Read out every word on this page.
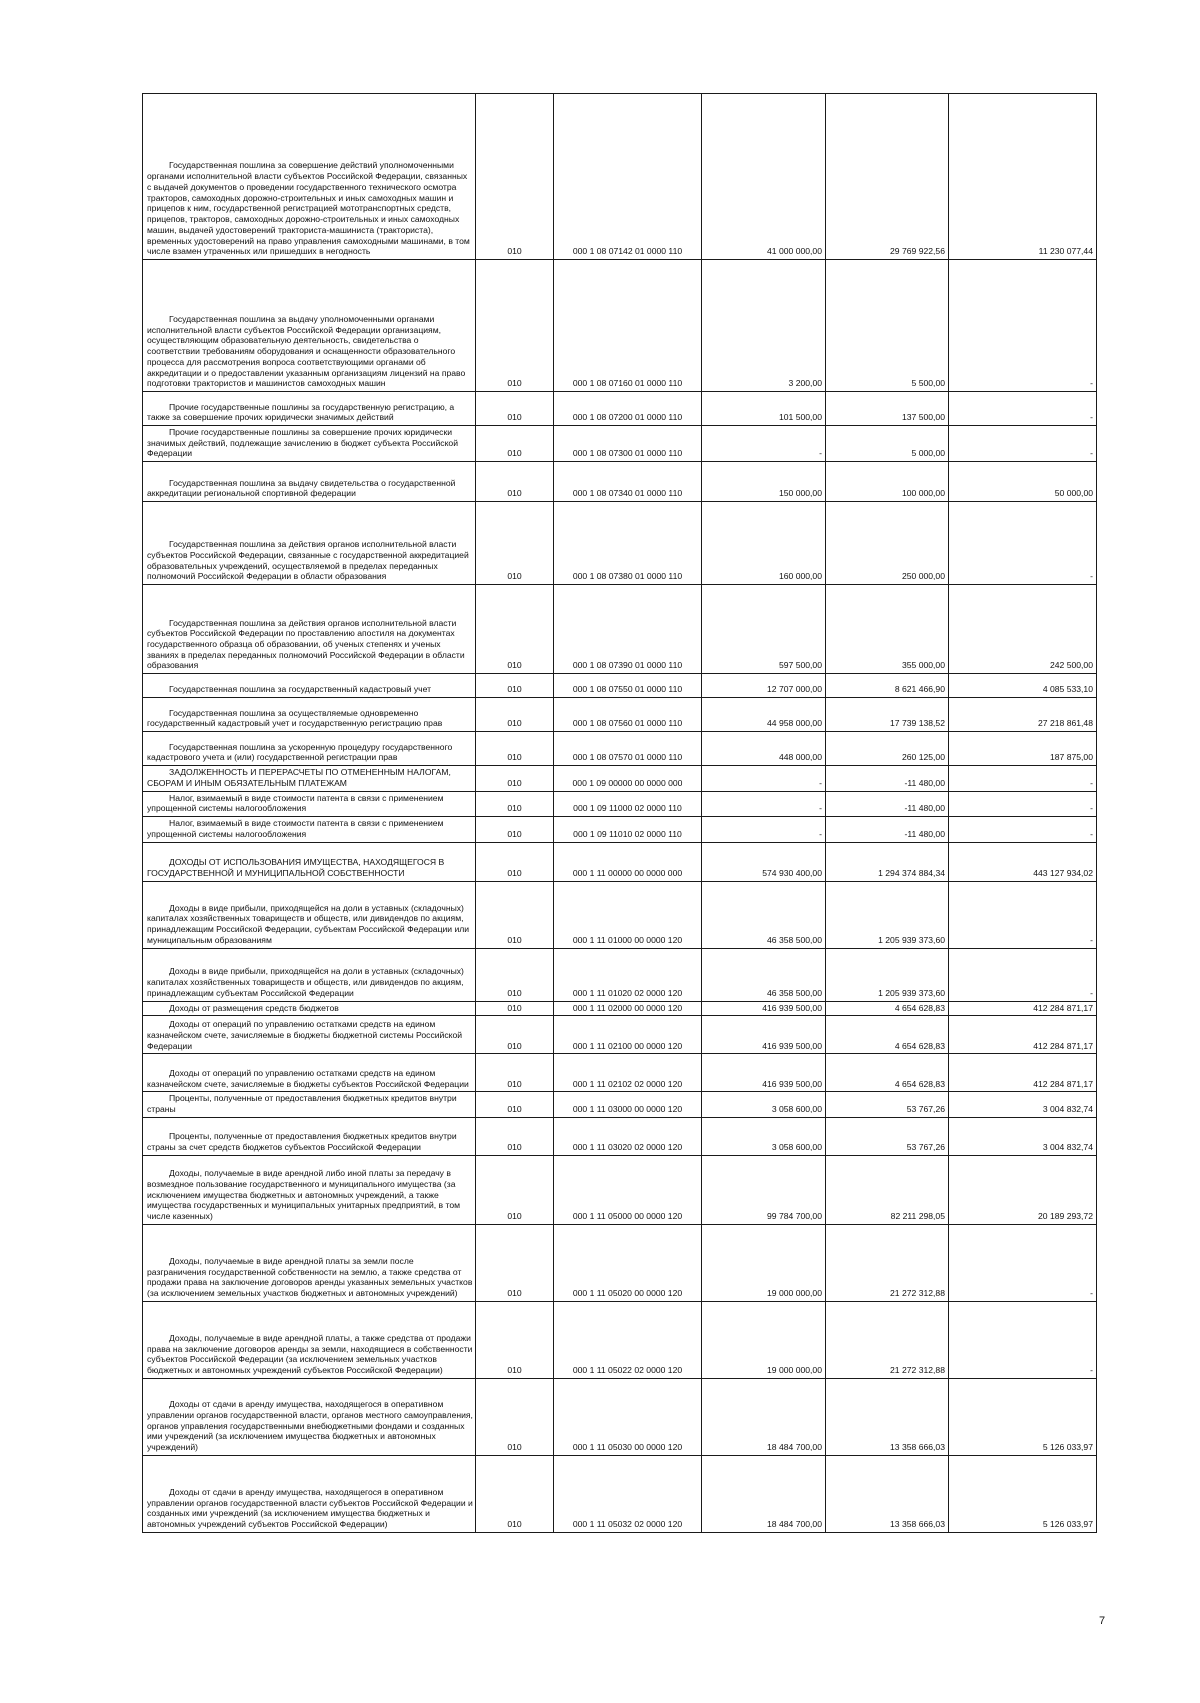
Государственная пошлина за совершение действий уполномоченными органами исполнительной власти субъектов Российской Федерации, связанных с выдачей документов о проведении государственного технического осмотра тракторов, самоходных дорожно-строительных и иных самоходных машин и прицепов к ним, государственной регистрацией мототранспортных средств, прицепов, тракторов, самоходных дорожно-строительных и иных самоходных машин, выдачей удостоверений тракториста-машиниста (тракториста), временных удостоверений на право управления самоходными машинами, в том числе взамен утраченных или пришедших в негодность	010	000 1 08 07142 01 0000 110	41 000 000,00	29 769 922,56	11 230 077,44

Государственная пошлина за выдачу уполномоченными органами исполнительной власти субъектов Российской Федерации организациям, осуществляющим образовательную деятельность, свидетельства о соответствии требованиям оборудования и оснащенности образовательного процесса для рассмотрения вопроса соответствующими органами об аккредитации и о предоставлении указанным организациям лицензий на право подготовки трактористов и машинистов самоходных машин	010	000 1 08 07160 01 0000 110	3 200,00	5 500,00	-

Прочие государственные пошлины за государственную регистрацию, а также за совершение прочих юридически значимых действий	010	000 1 08 07200 01 0000 110	101 500,00	137 500,00	-

Прочие государственные пошлины за совершение прочих юридически значимых действий, подлежащие зачислению в бюджет субъекта Российской Федерации	010	000 1 08 07300 01 0000 110	-	5 000,00	-

Государственная пошлина за выдачу свидетельства о государственной аккредитации региональной спортивной федерации	010	000 1 08 07340 01 0000 110	150 000,00	100 000,00	50 000,00

Государственная пошлина за действия органов исполнительной власти субъектов Российской Федерации, связанные с государственной аккредитацией образовательных учреждений, осуществляемой в пределах переданных полномочий Российской Федерации в области образования	010	000 1 08 07380 01 0000 110	160 000,00	250 000,00	-

Государственная пошлина за действия органов исполнительной власти субъектов Российской Федерации по проставлению апостиля на документах государственного образца об образовании, об ученых степенях и ученых званиях в пределах переданных полномочий Российской Федерации в области образования	010	000 1 08 07390 01 0000 110	597 500,00	355 000,00	242 500,00

Государственная пошлина за государственный кадастровый учет	010	000 1 08 07550 01 0000 110	12 707 000,00	8 621 466,90	4 085 533,10

Государственная пошлина за осуществляемые одновременно государственный кадастровый учет и государственную регистрацию прав	010	000 1 08 07560 01 0000 110	44 958 000,00	17 739 138,52	27 218 861,48

Государственная пошлина за ускоренную процедуру государственного кадастрового учета и (или) государственной регистрации прав	010	000 1 08 07570 01 0000 110	448 000,00	260 125,00	187 875,00

ЗАДОЛЖЕННОСТЬ И ПЕРЕРАСЧЕТЫ ПО ОТМЕНЕННЫМ НАЛОГАМ, СБОРАМ И ИНЫМ ОБЯЗАТЕЛЬНЫМ ПЛАТЕЖАМ	010	000 1 09 00000 00 0000 000	-	-11 480,00	-

Налог, взимаемый в виде стоимости патента в связи с применением упрощенной системы налогообложения	010	000 1 09 11000 02 0000 110	-	-11 480,00	-

Налог, взимаемый в виде стоимости патента в связи с применением упрощенной системы налогообложения	010	000 1 09 11010 02 0000 110	-	-11 480,00	-

ДОХОДЫ ОТ ИСПОЛЬЗОВАНИЯ ИМУЩЕСТВА, НАХОДЯЩЕГОСЯ В ГОСУДАРСТВЕННОЙ И МУНИЦИПАЛЬНОЙ СОБСТВЕННОСТИ	010	000 1 11 00000 00 0000 000	574 930 400,00	1 294 374 884,34	443 127 934,02

Доходы в виде прибыли, приходящейся на доли в уставных (складочных) капиталах хозяйственных товариществ и обществ, или дивидендов по акциям, принадлежащим Российской Федерации, субъектам Российской Федерации или муниципальным образованиям	010	000 1 11 01000 00 0000 120	46 358 500,00	1 205 939 373,60	-

Доходы в виде прибыли, приходящейся на доли в уставных (складочных) капиталах хозяйственных товариществ и обществ, или дивидендов по акциям, принадлежащим субъектам Российской Федерации	010	000 1 11 01020 02 0000 120	46 358 500,00	1 205 939 373,60	-

Доходы от размещения средств бюджетов	010	000 1 11 02000 00 0000 120	416 939 500,00	4 654 628,83	412 284 871,17

Доходы от операций по управлению остатками средств на едином казначейском счете, зачисляемые в бюджеты бюджетной системы Российской Федерации	010	000 1 11 02100 00 0000 120	416 939 500,00	4 654 628,83	412 284 871,17

Доходы от операций по управлению остатками средств на едином казначейском счете, зачисляемые в бюджеты субъектов Российской Федерации	010	000 1 11 02102 02 0000 120	416 939 500,00	4 654 628,83	412 284 871,17

Проценты, полученные от предоставления бюджетных кредитов внутри страны	010	000 1 11 03000 00 0000 120	3 058 600,00	53 767,26	3 004 832,74

Проценты, полученные от предоставления бюджетных кредитов внутри страны за счет средств бюджетов субъектов Российской Федерации	010	000 1 11 03020 02 0000 120	3 058 600,00	53 767,26	3 004 832,74

Доходы, получаемые в виде арендной либо иной платы за передачу в возмездное пользование государственного и муниципального имущества (за исключением имущества бюджетных и автономных учреждений, а также имущества государственных и муниципальных унитарных предприятий, в том числе казенных)	010	000 1 11 05000 00 0000 120	99 784 700,00	82 211 298,05	20 189 293,72

Доходы, получаемые в виде арендной платы за земли после разграничения государственной собственности на землю, а также средства от продажи права на заключение договоров аренды указанных земельных участков (за исключением земельных участков бюджетных и автономных учреждений)	010	000 1 11 05020 00 0000 120	19 000 000,00	21 272 312,88	-

Доходы, получаемые в виде арендной платы, а также средства от продажи права на заключение договоров аренды за земли, находящиеся в собственности субъектов Российской Федерации (за исключением земельных участков бюджетных и автономных учреждений субъектов Российской Федерации)	010	000 1 11 05022 02 0000 120	19 000 000,00	21 272 312,88	-

Доходы от сдачи в аренду имущества, находящегося в оперативном управлении органов государственной власти, органов местного самоуправления, органов управления государственными внебюджетными фондами и созданных ими учреждений (за исключением имущества бюджетных и автономных учреждений)	010	000 1 11 05030 00 0000 120	18 484 700,00	13 358 666,03	5 126 033,97

Доходы от сдачи в аренду имущества, находящегося в оперативном управлении органов государственной власти субъектов Российской Федерации и созданных ими учреждений (за исключением имущества бюджетных и автономных учреждений субъектов Российской Федерации)	010	000 1 11 05032 02 0000 120	18 484 700,00	13 358 666,03	5 126 033,97
7
